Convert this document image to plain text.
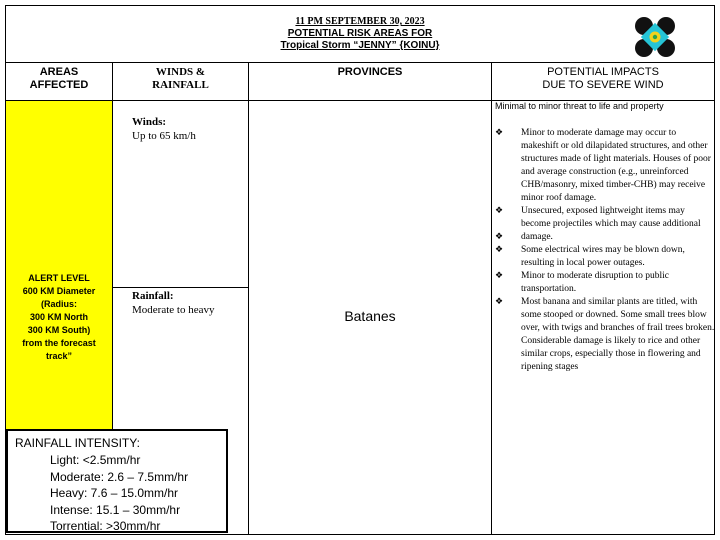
11 PM SEPTEMBER 30, 2023
POTENTIAL RISK AREAS FOR
Tropical Storm “JENNY” {KOINU}
AREAS
AFFECTED
WINDS &
RAINFALL
PROVINCES	POTENTIAL IMPACTS
DUE TO SEVERE WIND
ALERT LEVEL
600 KM Diameter
(Radius:
300 KM North
300 KM South)
from the forecast
track”
Winds:
Up to 65 km/h
Rainfall:
Moderate to heavy	Batanes
Minimal to minor threat to life and property
❖ Minor to moderate damage may occur to makeshift or old dilapidated structures, and other structures made of light materials. Houses of poor and average construction (e.g., unreinforced CHB/masonry, mixed timber-CHB) may receive minor roof damage.
❖ Unsecured, exposed lightweight items may become projectiles which may cause additional
❖ damage.
❖ Some electrical wires may be blown down, resulting in local power outages.
❖ Minor to moderate disruption to public transportation.
❖ Most banana and similar plants are titled, with some stooped or downed. Some small trees blow over, with twigs and branches of frail trees broken. Considerable damage is likely to rice and other similar crops, especially those in flowering and ripening stages
RAINFALL INTENSITY:
Light: <2.5mm/hr
Moderate: 2.6 – 7.5mm/hr
Heavy: 7.6 – 15.0mm/hr
Intense: 15.1 – 30mm/hr
Torrential: >30mm/hr
